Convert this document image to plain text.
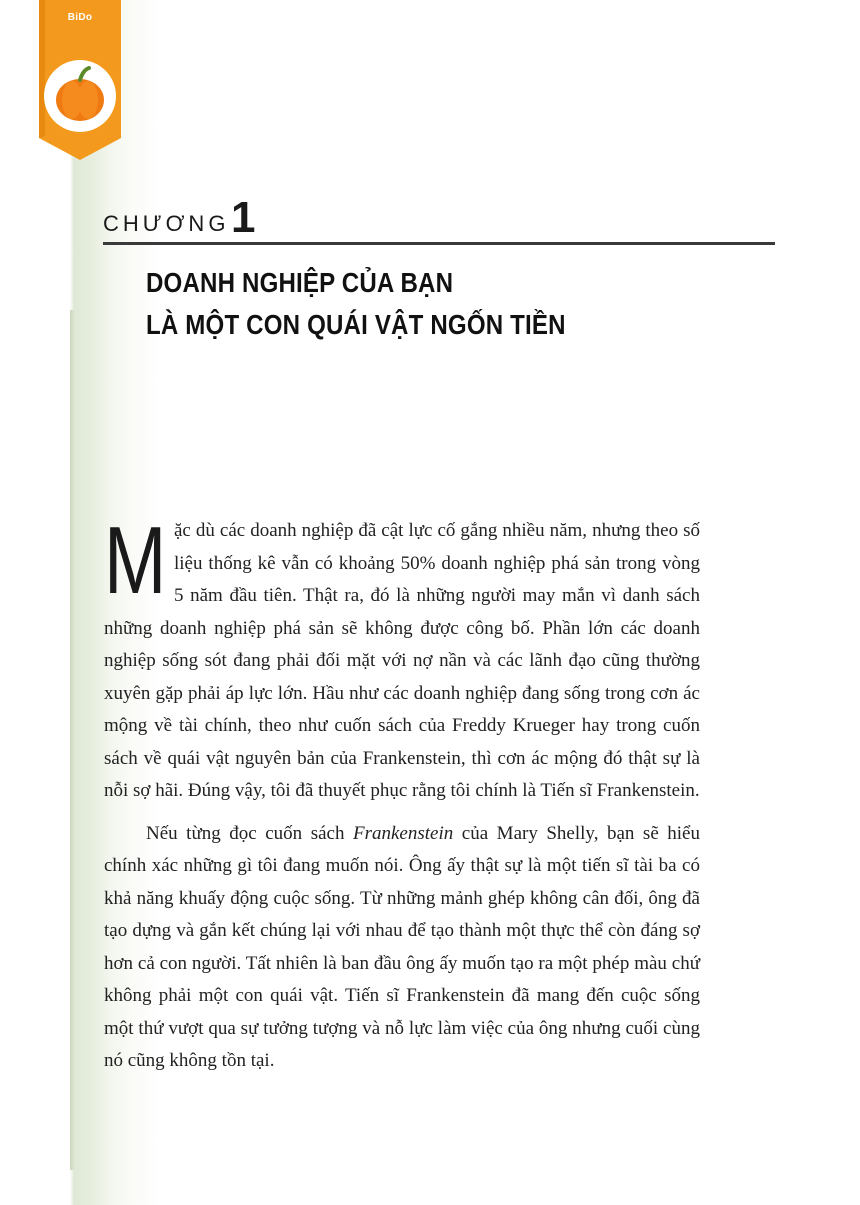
BiDo
CHƯƠNG 1
DOANH NGHIỆP CỦA BẠN
LÀ MỘT CON QUÁI VẬT NGỐN TIỀN

Mặc dù các doanh nghiệp đã cật lực cố gắng nhiều năm, nhưng theo số liệu thống kê vẫn có khoảng 50% doanh nghiệp phá sản trong vòng 5 năm đầu tiên. Thật ra, đó là những người may mắn vì danh sách những doanh nghiệp phá sản sẽ không được công bố. Phần lớn các doanh nghiệp sống sót đang phải đối mặt với nợ nần và các lãnh đạo cũng thường xuyên gặp phải áp lực lớn. Hầu như các doanh nghiệp đang sống trong cơn ác mộng về tài chính, theo như cuốn sách của Freddy Krueger hay trong cuốn sách về quái vật nguyên bản của Frankenstein, thì cơn ác mộng đó thật sự là nỗi sợ hãi. Đúng vậy, tôi đã thuyết phục rằng tôi chính là Tiến sĩ Frankenstein.

Nếu từng đọc cuốn sách Frankenstein của Mary Shelly, bạn sẽ hiểu chính xác những gì tôi đang muốn nói. Ông ấy thật sự là một tiến sĩ tài ba có khả năng khuấy động cuộc sống. Từ những mảnh ghép không cân đối, ông đã tạo dựng và gắn kết chúng lại với nhau để tạo thành một thực thể còn đáng sợ hơn cả con người. Tất nhiên là ban đầu ông ấy muốn tạo ra một phép màu chứ không phải một con quái vật. Tiến sĩ Frankenstein đã mang đến cuộc sống một thứ vượt qua sự tưởng tượng và nỗ lực làm việc của ông nhưng cuối cùng nó cũng không tồn tại.
